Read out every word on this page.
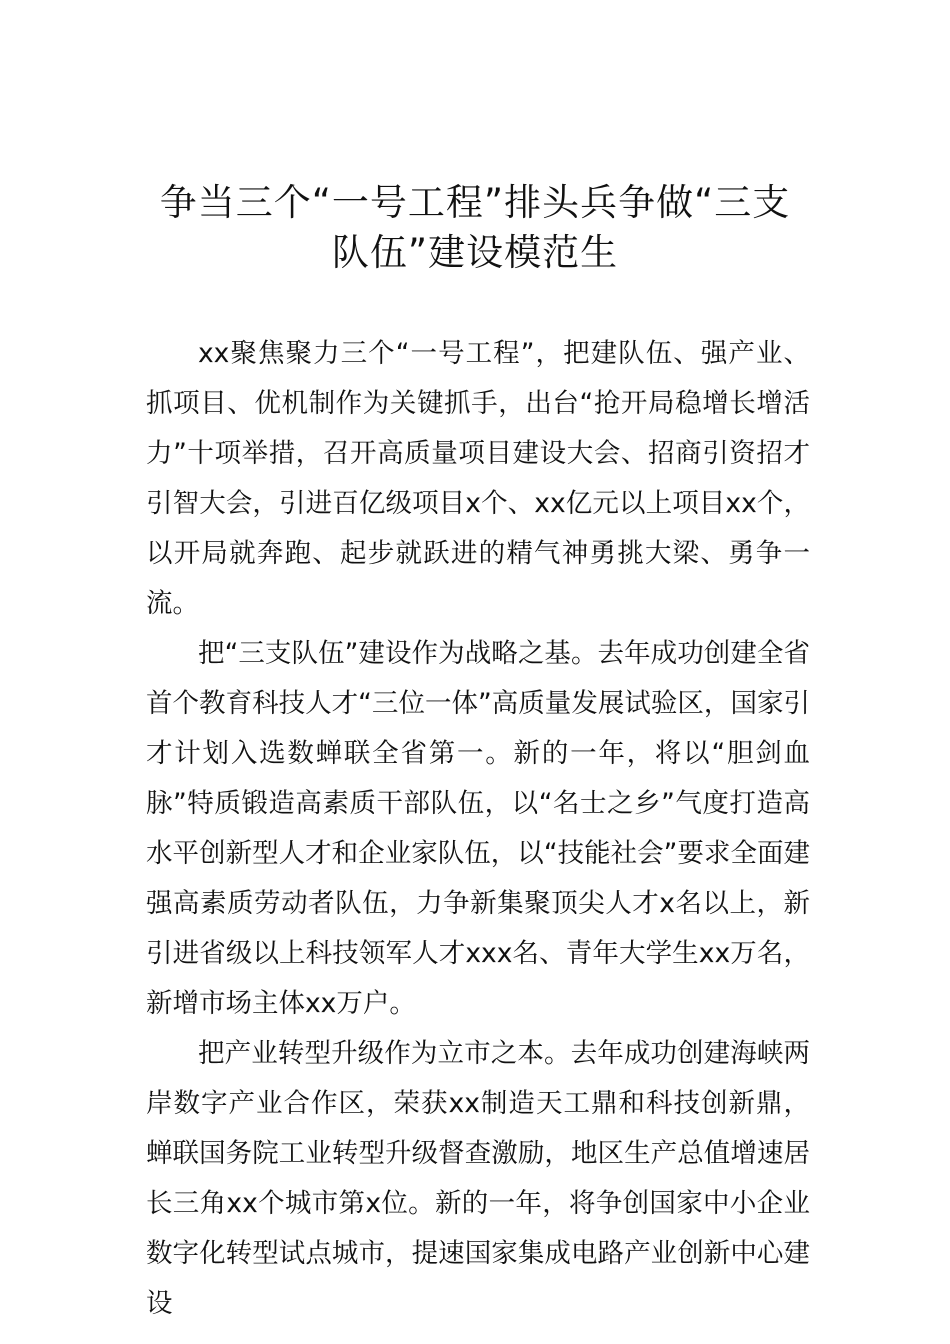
争当三个“一号工程”排头兵争做“三支
队伍”建设模范生

xx聚焦聚力三个“一号工程”，把建队伍、强产业、抓项目、优机制作为关键抓手，出台“抢开局稳增长增活力”十项举措，召开高质量项目建设大会、招商引资招才引智大会，引进百亿级项目x个、xx亿元以上项目xx个，以开局就奔跑、起步就跃进的精气神勇挑大梁、勇争一流。

把“三支队伍”建设作为战略之基。去年成功创建全省首个教育科技人才“三位一体”高质量发展试验区，国家引才计划入选数蝉联全省第一。新的一年，将以“胆剑血脉”特质锻造高素质干部队伍，以“名士之乡”气度打造高水平创新型人才和企业家队伍，以“技能社会”要求全面建强高素质劳动者队伍，力争新集聚顶尖人才x名以上，新引进省级以上科技领军人才xxx名、青年大学生xx万名，新增市场主体xx万户。

把产业转型升级作为立市之本。去年成功创建海峡两岸数字产业合作区，荣获xx制造天工鼎和科技创新鼎，蝉联国务院工业转型升级督查激励，地区生产总值增速居长三角xx个城市第x位。新的一年，将争创国家中小企业数字化转型试点城市，提速国家集成电路产业创新中心建设
